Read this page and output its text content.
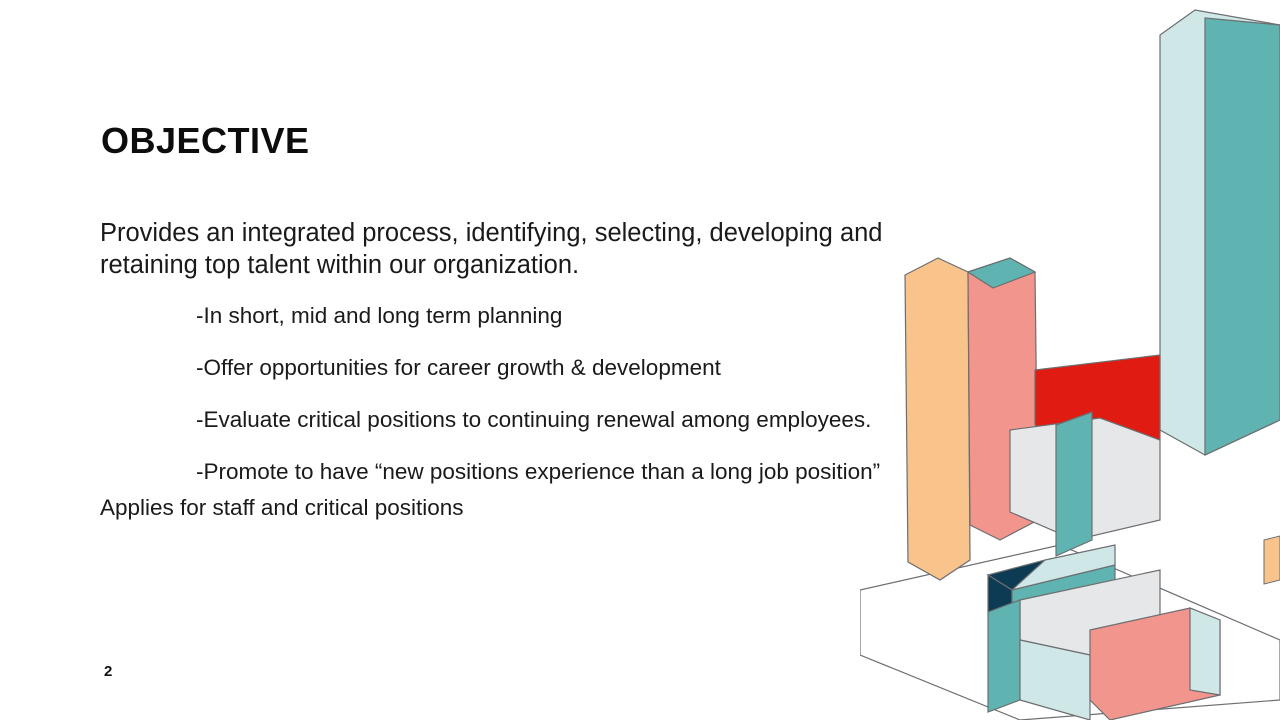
OBJECTIVE
Provides an integrated process, identifying, selecting, developing and
retaining top talent within our organization.
-In short, mid and long term planning
-Offer opportunities for career growth & development
-Evaluate critical positions to continuing renewal among employees.
-Promote to have “new positions experience than a long job position”
Applies for staff and critical positions
2
